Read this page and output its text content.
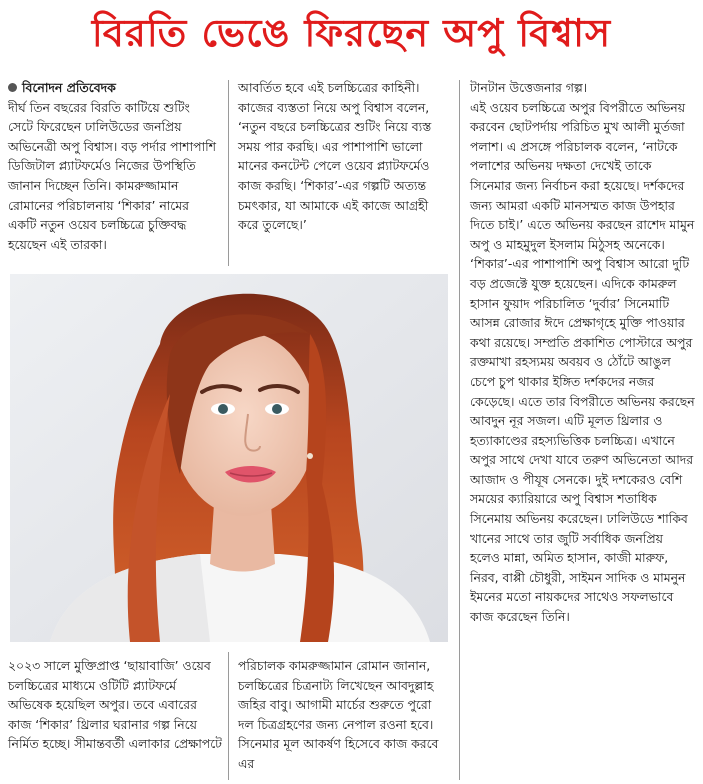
বিরতি ভেঙে ফিরছেন অপু বিশ্বাস
বিনোদন প্রতিবেদক

দীর্ঘ তিন বছরের বিরতি কাটিয়ে শুটিং সেটে ফিরেছেন ঢালিউডের জনপ্রিয় অভিনেত্রী অপু বিশ্বাস। বড় পর্দার পাশাপাশি ডিজিটাল প্ল্যাটফর্মেও নিজের উপস্থিতি জানান দিচ্ছেন তিনি। কামরুজ্জামান রোমানের পরিচালনায় ‘শিকার’ নামের একটি নতুন ওয়েব চলচ্চিত্রে চুক্তিবদ্ধ হয়েছেন এই তারকা।

আবর্তিত হবে এই চলচ্চিত্রের কাহিনী।

কাজের ব্যস্ততা নিয়ে অপু বিশ্বাস বলেন, ‘নতুন বছরে চলচ্চিত্রের শুটিং নিয়ে ব্যস্ত সময় পার করছি। এর পাশাপাশি ভালো মানের কনটেন্ট পেলে ওয়েব প্ল্যাটফর্মেও কাজ করছি। ‘শিকার’-এর গল্পটি অত্যন্ত চমৎকার, যা আমাকে এই কাজে আগ্রহী করে তুলেছে।’

টানটান উত্তেজনার গল্প।

এই ওয়েব চলচ্চিত্রে অপুর বিপরীতে অভিনয় করবেন ছোটপর্দায় পরিচিত মুখ আলী মুর্তজা পলাশ। এ প্রসঙ্গে পরিচালক বলেন, ‘নাটকে পলাশের অভিনয় দক্ষতা দেখেই তাকে সিনেমার জন্য নির্বাচন করা হয়েছে। দর্শকদের জন্য আমরা একটি মানসম্মত কাজ উপহার দিতে চাই।’ এতে অভিনয় করছেন রাশেদ মামুন অপু ও মাহমুদুল ইসলাম মিঠুসহ অনেকে।

‘শিকার’-এর পাশাপাশি অপু বিশ্বাস আরো দুটি বড় প্রজেক্টে যুক্ত হয়েছেন। এদিকে কামরুল হাসান ফুয়াদ পরিচালিত ‘দুর্বার’ সিনেমাটি আসন্ন রোজার ঈদে প্রেক্ষাগৃহে মুক্তি পাওয়ার কথা রয়েছে। সম্প্রতি প্রকাশিত পোস্টারে অপুর রক্তমাখা রহস্যময় অবয়ব ও ঠোঁটে আঙুল চেপে চুপ থাকার ইঙ্গিত দর্শকদের নজর কেড়েছে। এতে তার বিপরীতে অভিনয় করছেন আবদুন নূর সজল। এটি মূলত থ্রিলার ও হত্যাকাণ্ডের রহস্যভিত্তিক চলচ্চিত্র। এখানে অপুর সাথে দেখা যাবে তরুণ অভিনেতা আদর আজাদ ও পীযূষ সেনকে। দুই দশকেরও বেশি সময়ের ক্যারিয়ারে অপু বিশ্বাস শতাধিক সিনেমায় অভিনয় করেছেন। ঢালিউডে শাকিব খানের সাথে তার জুটি সর্বাধিক জনপ্রিয় হলেও মান্না, অমিত হাসান, কাজী মারুফ, নিরব, বাপ্পী চৌধুরী, সাইমন সাদিক ও মামনুন ইমনের মতো নায়কদের সাথেও সফলভাবে কাজ করেছেন তিনি।

২০২৩ সালে মুক্তিপ্রাপ্ত ‘ছায়াবাজি’ ওয়েব চলচ্চিত্রের মাধ্যমে ওটিটি প্ল্যাটফর্মে অভিষেক হয়েছিল অপুর। তবে এবারের কাজ ‘শিকার’ থ্রিলার ঘরানার গল্প নিয়ে নির্মিত হচ্ছে। সীমান্তবর্তী এলাকার প্রেক্ষাপটে

পরিচালক কামরুজ্জামান রোমান জানান, চলচ্চিত্রের চিত্রনাট্য লিখেছেন আবদুল্লাহ জহির বাবু। আগামী মার্চের শুরুতে পুরো দল চিত্রগ্রহণের জন্য নেপাল রওনা হবে। সিনেমার মূল আকর্ষণ হিসেবে কাজ করবে এর
